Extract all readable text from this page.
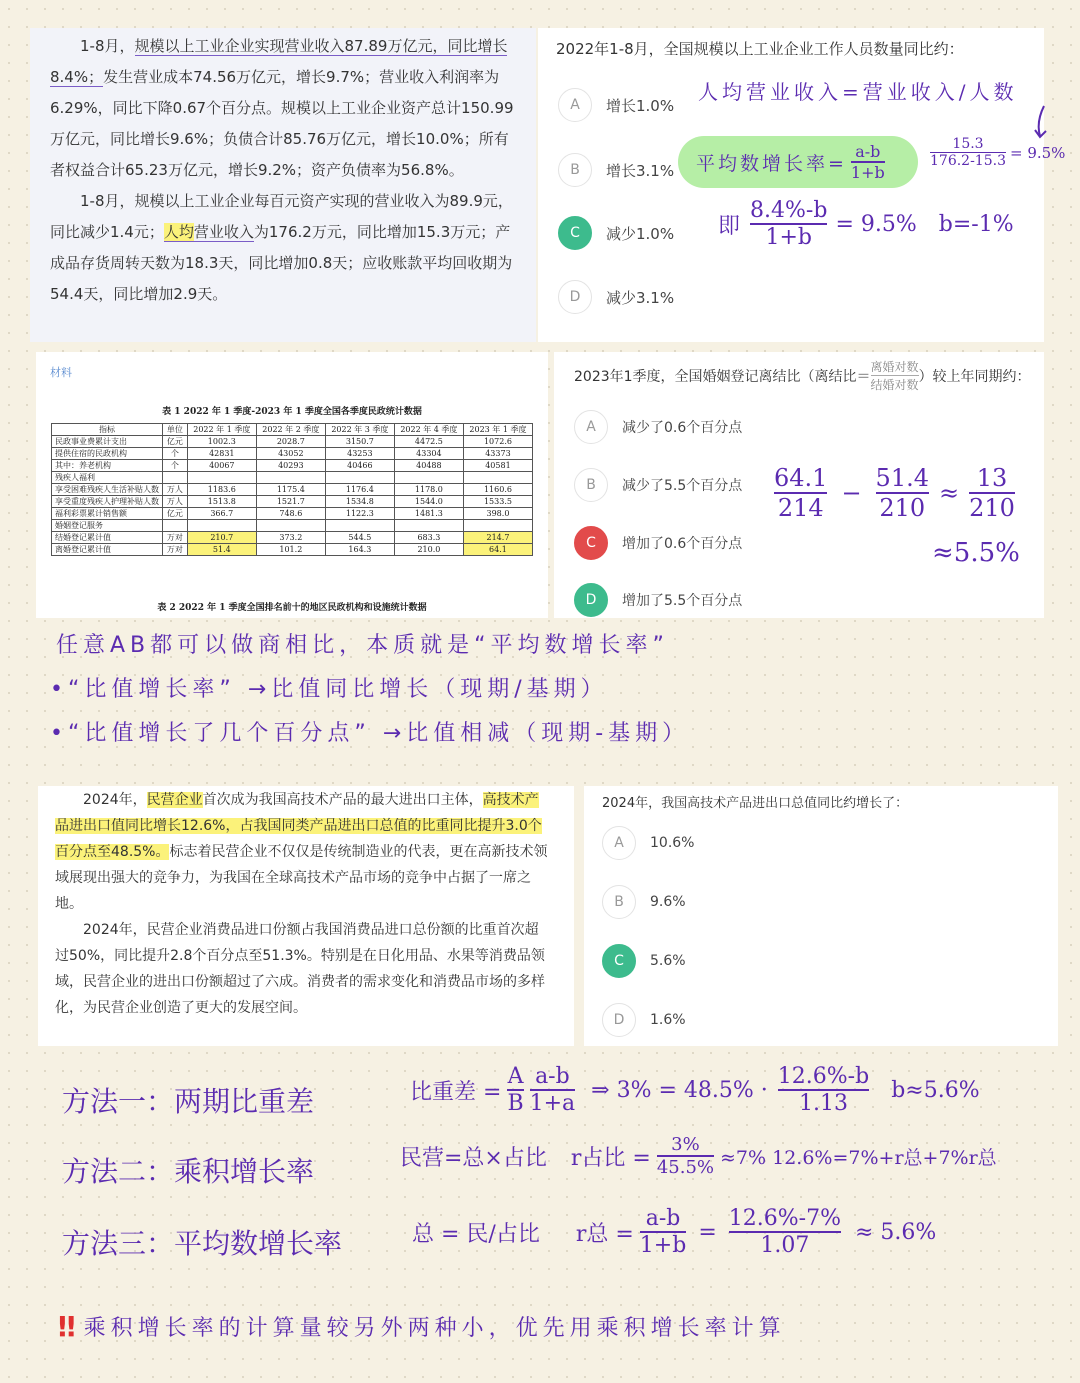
1-8月，规模以上工业企业实现营业收入87.89万亿元，同比增长8.4%；发生营业成本74.56万亿元，增长9.7%；营业收入利润率为6.29%，同比下降0.67个百分点。规模以上工业企业资产总计150.99万亿元，同比增长9.6%；负债合计85.76万亿元，增长10.0%；所有者权益合计65.23万亿元，增长9.2%；资产负债率为56.8%。

1-8月，规模以上工业企业每百元资产实现的营业收入为89.9元，同比减少1.4元；人均营业收入为176.2万元，同比增加15.3万元；产成品存货周转天数为18.3天，同比增加0.8天；应收账款平均回收期为54.4天，同比增加2.9天。

2022年1-8月，全国规模以上工业企业工作人员数量同比约：
A	增长1.0%
B	增长3.1%
C	减少1.0%
D	减少3.1%
人均营业收入=营业收入/人数
平均数增长率= $\frac{a-b}{1+b}$	$\frac{15.3}{176.2-15.3} = 9.5\%$
即 $\frac{8.4\%-b}{1+b} = 9.5\%$ b=-1%
材料
表 1 2022 年 1 季度-2023 年 1 季度全国各季度民政统计数据
指标	单位	2022 年 1 季度	2022 年 2 季度	2022 年 3 季度	2022 年 4 季度	2023 年 1 季度
民政事业费累计支出	亿元	1002.3	2028.7	3150.7	4472.5	1072.6
提供住宿的民政机构	个	42831	43052	43253	43304	43373
其中：养老机构	个	40067	40293	40466	40488	40581
残疾人福利						
享受困难残疾人生活补贴人数	万人	1183.6	1175.4	1176.4	1178.0	1160.6
享受重度残疾人护理补贴人数	万人	1513.8	1521.7	1534.8	1544.0	1533.5
福利彩票累计销售额	亿元	366.7	748.6	1122.3	1481.3	398.0
婚姻登记服务						
结婚登记累计值	万对	210.7	373.2	544.5	683.3	214.7
离婚登记累计值	万对	51.4	101.2	164.3	210.0	64.1
表 2 2022 年 1 季度全国排名前十的地区民政机构和设施统计数据
2023年1季度，全国婚姻登记离结比（离结比＝ $\frac{\text{离婚对数}}{\text{结婚对数}}$ ）较上年同期约：
A	减少了0.6个百分点
B	减少了5.5个百分点
C	增加了0.6个百分点
D	增加了5.5个百分点
$\frac{64.1}{214} - \frac{51.4}{210} \approx \frac{13}{210}$
≈5.5%
任意AB都可以做商相比，本质就是“平均数增长率”
•“比值增长率” →比值同比增长（现期/基期）
•“比值增长了几个百分点” →比值相减（现期-基期）

2024年，民营企业首次成为我国高技术产品的最大进出口主体，高技术产品进出口值同比增长12.6%，占我国同类产品进出口总值的比重同比提升3.0个百分点至48.5%。标志着民营企业不仅仅是传统制造业的代表，更在高新技术领域展现出强大的竞争力，为我国在全球高技术产品市场的竞争中占据了一席之地。

2024年，民营企业消费品进口份额占我国消费品进口总份额的比重首次超过50%，同比提升2.8个百分点至51.3%。特别是在日化用品、水果等消费品领域，民营企业的进出口份额超过了六成。消费者的需求变化和消费品市场的多样化，为民营企业创造了更大的发展空间。

2024年，我国高技术产品进出口总值同比约增长了：
A	10.6%
B	9.6%
C	5.6%
D	1.6%
方法一：两期比重差	比重差 = $\frac{A}{B} \frac{a-b}{1+a}$ ⇒ $3\% = 48.5\% \cdot \frac{12.6\%-b}{1.13} b\approx 5.6\%$
方法二：乘积增长率	民营=总×占比 r占比 = $\frac{3\%}{45.5\%} \approx 7\%$ 12.6%=7%+r总+7%r总
方法三：平均数增长率	总 = 民/占比 r总 = $\frac{a-b}{1+b} = \frac{12.6\%-7\%}{1.07} \approx 5.6\%$
‼ 乘积增长率的计算量较另外两种小，优先用乘积增长率计算
